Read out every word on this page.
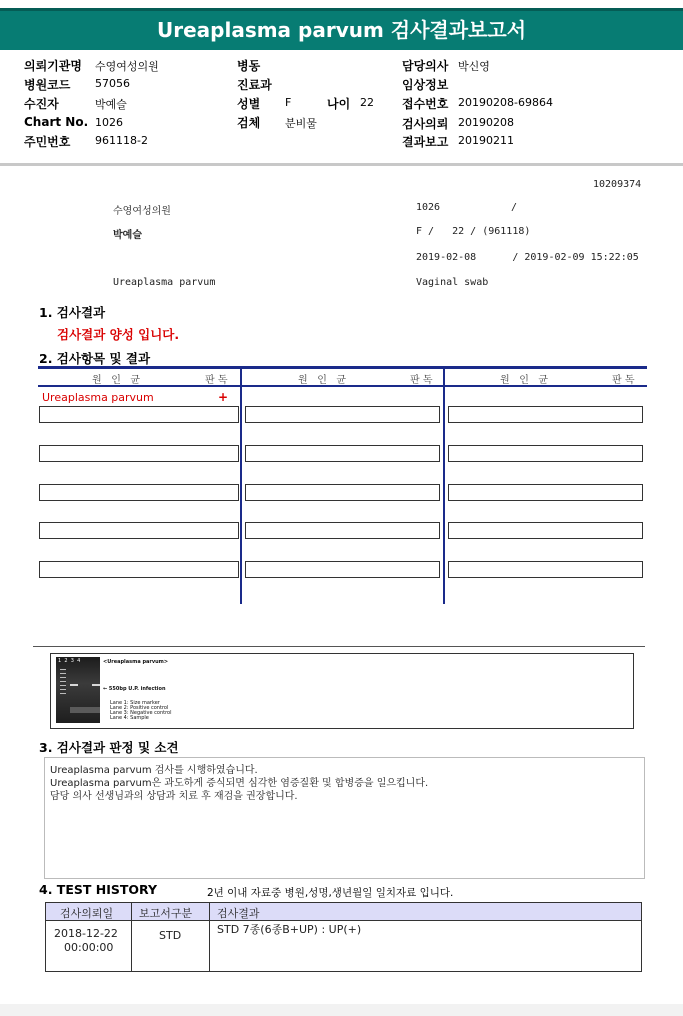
Ureaplasma parvum 검사결과보고서
의뢰기관명 수영여성의원
병원코드 57056
수진자	박예슬
Chart No. 1026
주민번호 961118-2
병동
진료과
성별 F	나이 22
검체 분비물
담당의사 박신영
임상정보
접수번호 20190208-69864
검사의뢰 20190208
결과보고 20190211
10209374
수영여성의원	1026	/
박예슬	F /   22 / (961118)
2019-02-08      / 2019-02-09 15:22:05
Ureaplasma parvum	Vaginal swab
1. 검사결과
검사결과 양성 입니다.
2. 검사항목 및 결과
원   인   균	판 독	원   인   균	판 독	원   인   균	판 독
Ureaplasma parvum	+
1  2  3  4	<Ureaplasma parvum>
← 550bp U.P. infection
Lane 1: Size marker
Lane 2: Positive control
Lane 3: Negative control
Lane 4: Sample
3. 검사결과 판정 및 소견
Ureaplasma parvum 검사를 시행하였습니다.
Ureaplasma parvum은 과도하게 증식되면 심각한 염증질환 및 합병증을 일으킵니다.
담당 의사 선생님과의 상담과 치료 후 재검을 권장합니다.
4. TEST HISTORY	2년 이내 자료중 병원,성명,생년월일 일치자료 입니다.
검사의뢰일 보고서구분 검사결과
2018-12-22
00:00:00
STD	STD 7종(6종B+UP) : UP(+)
